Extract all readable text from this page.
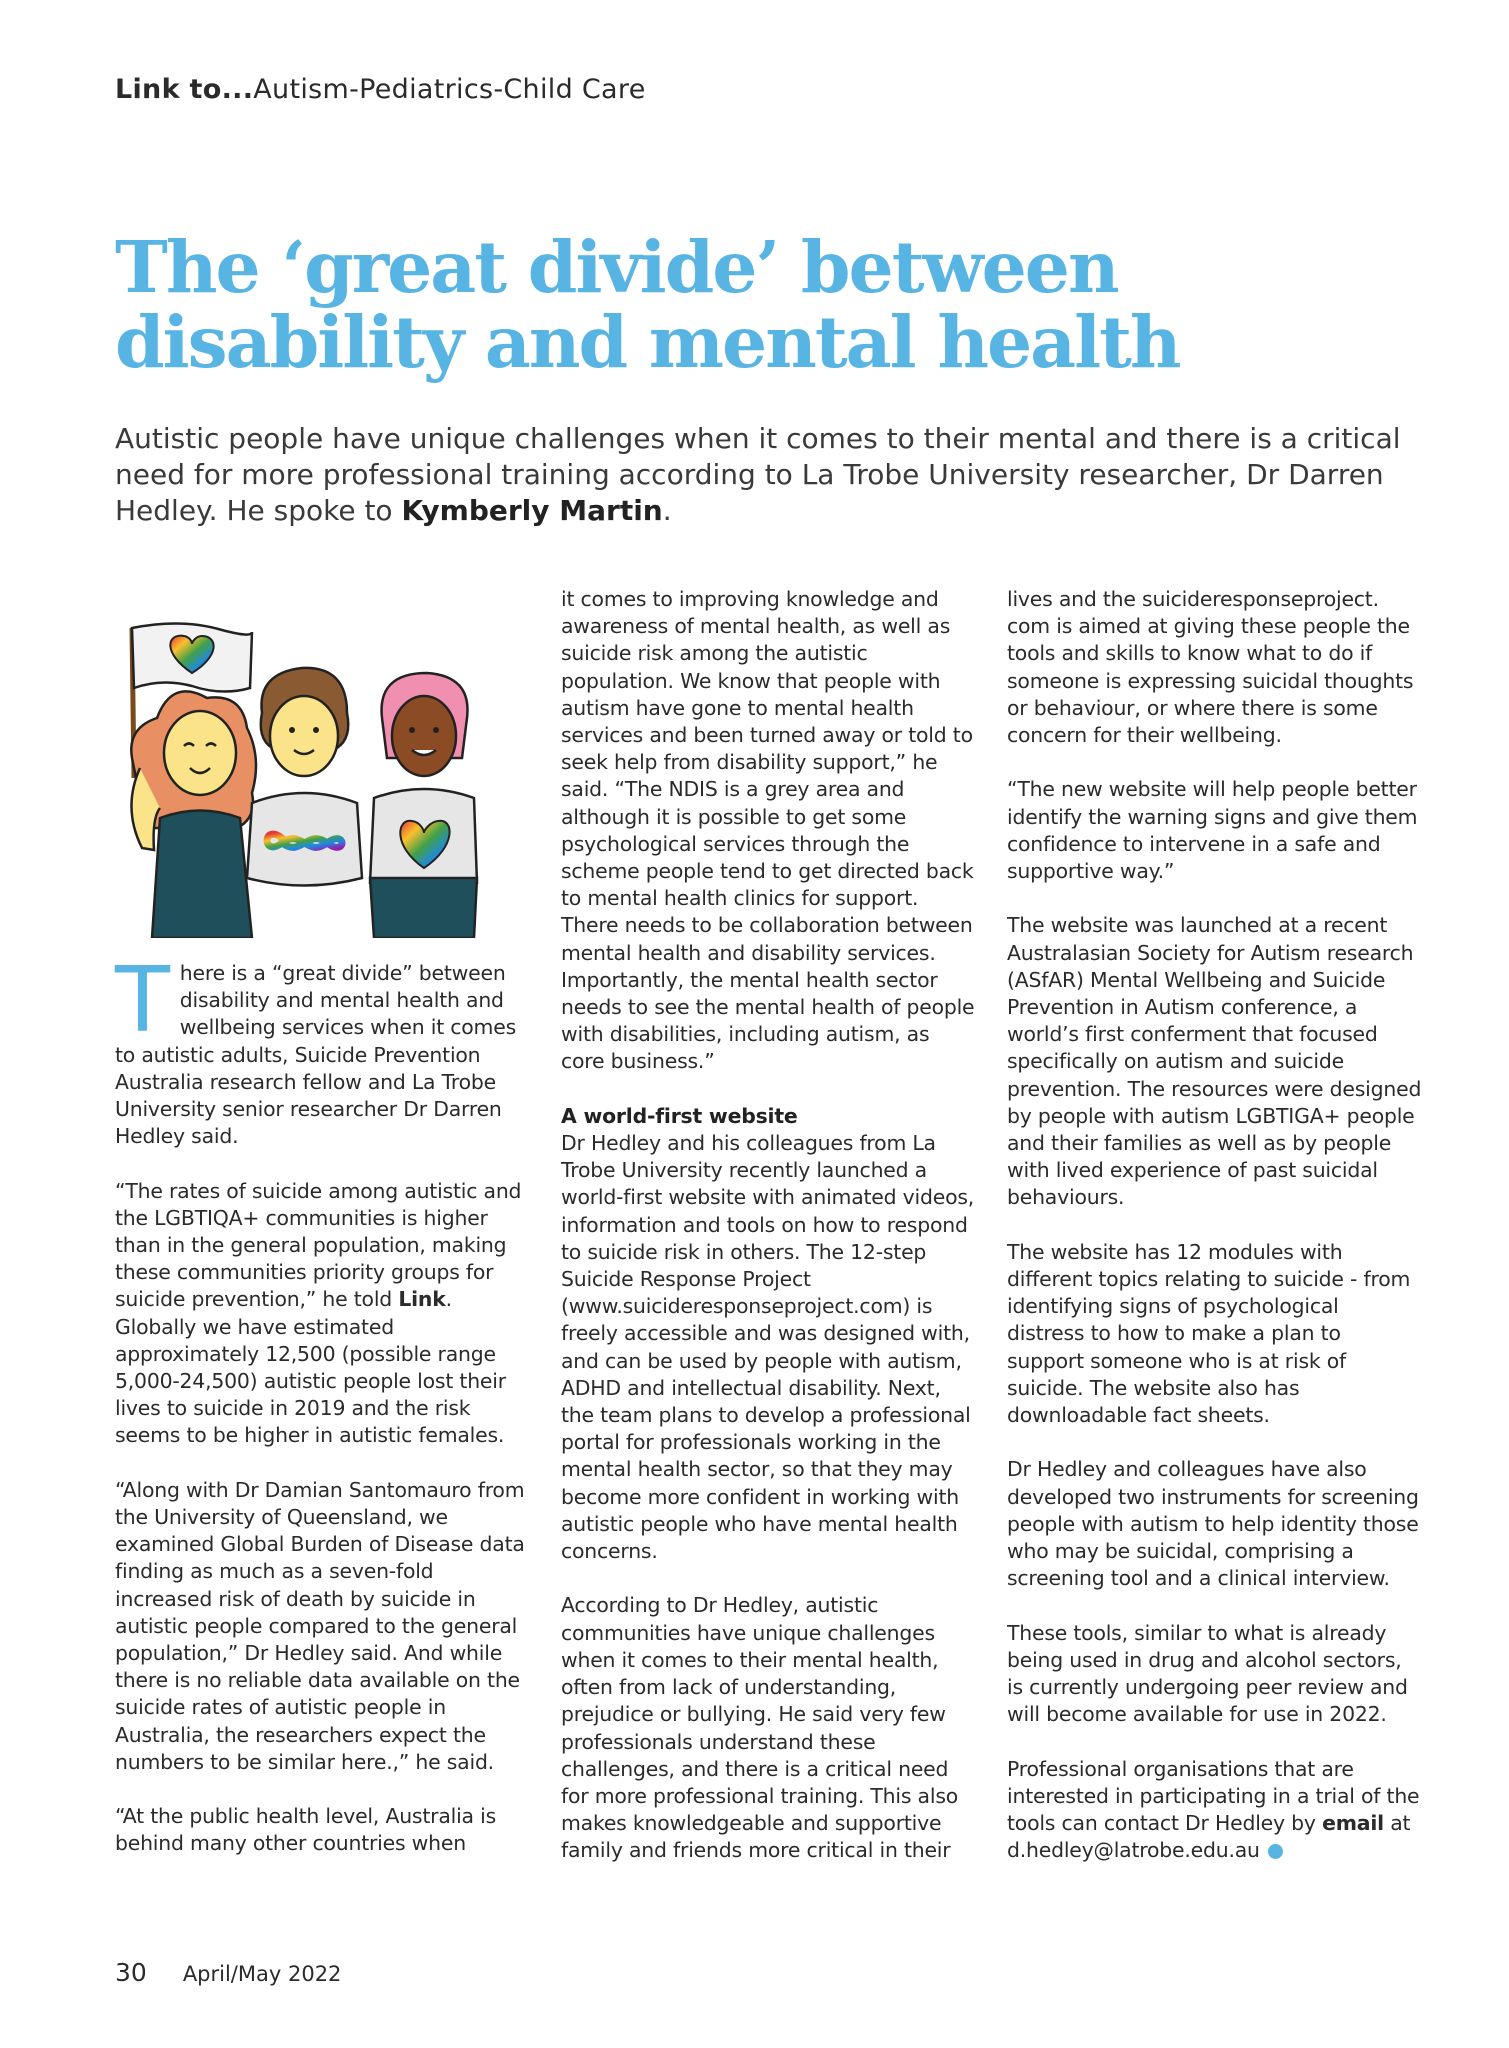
Link to...Autism-Pediatrics-Child Care
The ‘great divide’ between disability and mental health

Autistic people have unique challenges when it comes to their mental and there is a critical need for more professional training according to La Trobe University researcher, Dr Darren Hedley. He spoke to Kymberly Martin.

There is a “great divide” between disability and mental health and wellbeing services when it comes to autistic adults, Suicide Prevention Australia research fellow and La Trobe University senior researcher Dr Darren Hedley said.

“The rates of suicide among autistic and the LGBTIQA+ communities is higher than in the general population, making these communities priority groups for suicide prevention,” he told Link. Globally we have estimated approximately 12,500 (possible range 5,000-24,500) autistic people lost their lives to suicide in 2019 and the risk seems to be higher in autistic females.

“Along with Dr Damian Santomauro from the University of Queensland, we examined Global Burden of Disease data finding as much as a seven-fold increased risk of death by suicide in autistic people compared to the general population,” Dr Hedley said. And while there is no reliable data available on the suicide rates of autistic people in Australia, the researchers expect the numbers to be similar here.,” he said.

“At the public health level, Australia is behind many other countries when

it comes to improving knowledge and awareness of mental health, as well as suicide risk among the autistic population. We know that people with autism have gone to mental health services and been turned away or told to seek help from disability support,” he said. “The NDIS is a grey area and although it is possible to get some psychological services through the scheme people tend to get directed back to mental health clinics for support. There needs to be collaboration between mental health and disability services. Importantly, the mental health sector needs to see the mental health of people with disabilities, including autism, as core business.”

A world-first website

Dr Hedley and his colleagues from La Trobe University recently launched a world-first website with animated videos, information and tools on how to respond to suicide risk in others. The 12-step Suicide Response Project (www.suicideresponseproject.com) is freely accessible and was designed with, and can be used by people with autism, ADHD and intellectual disability. Next, the team plans to develop a professional portal for professionals working in the mental health sector, so that they may become more confident in working with autistic people who have mental health concerns.

According to Dr Hedley, autistic communities have unique challenges when it comes to their mental health, often from lack of understanding, prejudice or bullying. He said very few professionals understand these challenges, and there is a critical need for more professional training. This also makes knowledgeable and supportive family and friends more critical in their

lives and the suicideresponseproject. com is aimed at giving these people the tools and skills to know what to do if someone is expressing suicidal thoughts or behaviour, or where there is some concern for their wellbeing.

“The new website will help people better identify the warning signs and give them confidence to intervene in a safe and supportive way.”

The website was launched at a recent Australasian Society for Autism research (ASfAR) Mental Wellbeing and Suicide Prevention in Autism conference, a world’s first conferment that focused specifically on autism and suicide prevention. The resources were designed by people with autism LGBTIGA+ people and their families as well as by people with lived experience of past suicidal behaviours.

The website has 12 modules with different topics relating to suicide - from identifying signs of psychological distress to how to make a plan to support someone who is at risk of suicide. The website also has downloadable fact sheets.

Dr Hedley and colleagues have also developed two instruments for screening people with autism to help identity those who may be suicidal, comprising a screening tool and a clinical interview.

These tools, similar to what is already being used in drug and alcohol sectors, is currently undergoing peer review and will become available for use in 2022.

Professional organisations that are interested in participating in a trial of the tools can contact Dr Hedley by email at d.hedley@latrobe.edu.au

30 April/May 2022
